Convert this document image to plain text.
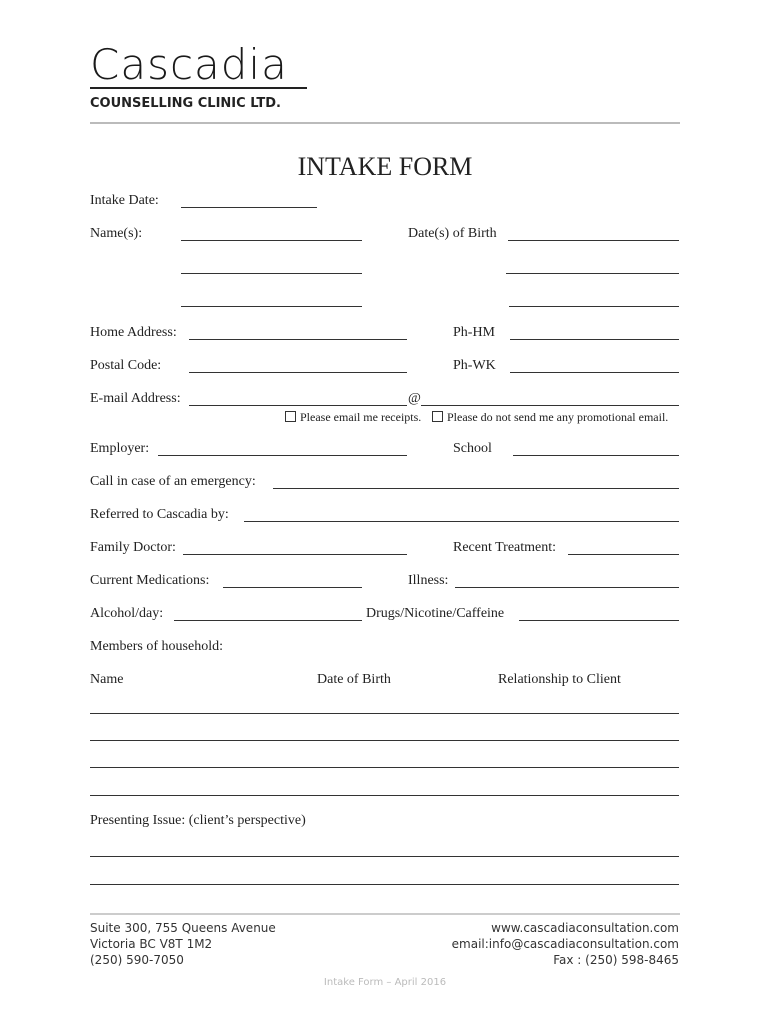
Cascadia
COUNSELLING CLINIC LTD.
INTAKE FORM
Intake Date:
Name(s):	Date(s) of Birth
Home Address:	Ph-HM
Postal Code:	Ph-WK
E-mail Address:	@
Please email me receipts.	Please do not send me any promotional email.
Employer:	School
Call in case of an emergency:
Referred to Cascadia by:
Family Doctor:	Recent Treatment:
Current Medications:	Illness:
Alcohol/day:	Drugs/Nicotine/Caffeine
Members of household:
Name	Date of Birth	Relationship to Client
Presenting Issue: (client’s perspective)
Suite 300, 755 Queens Avenue
Victoria BC V8T 1M2
(250) 590-7050
www.cascadiaconsultation.com
email:info@cascadiaconsultation.com
Fax : (250) 598-8465
Intake Form – April 2016
